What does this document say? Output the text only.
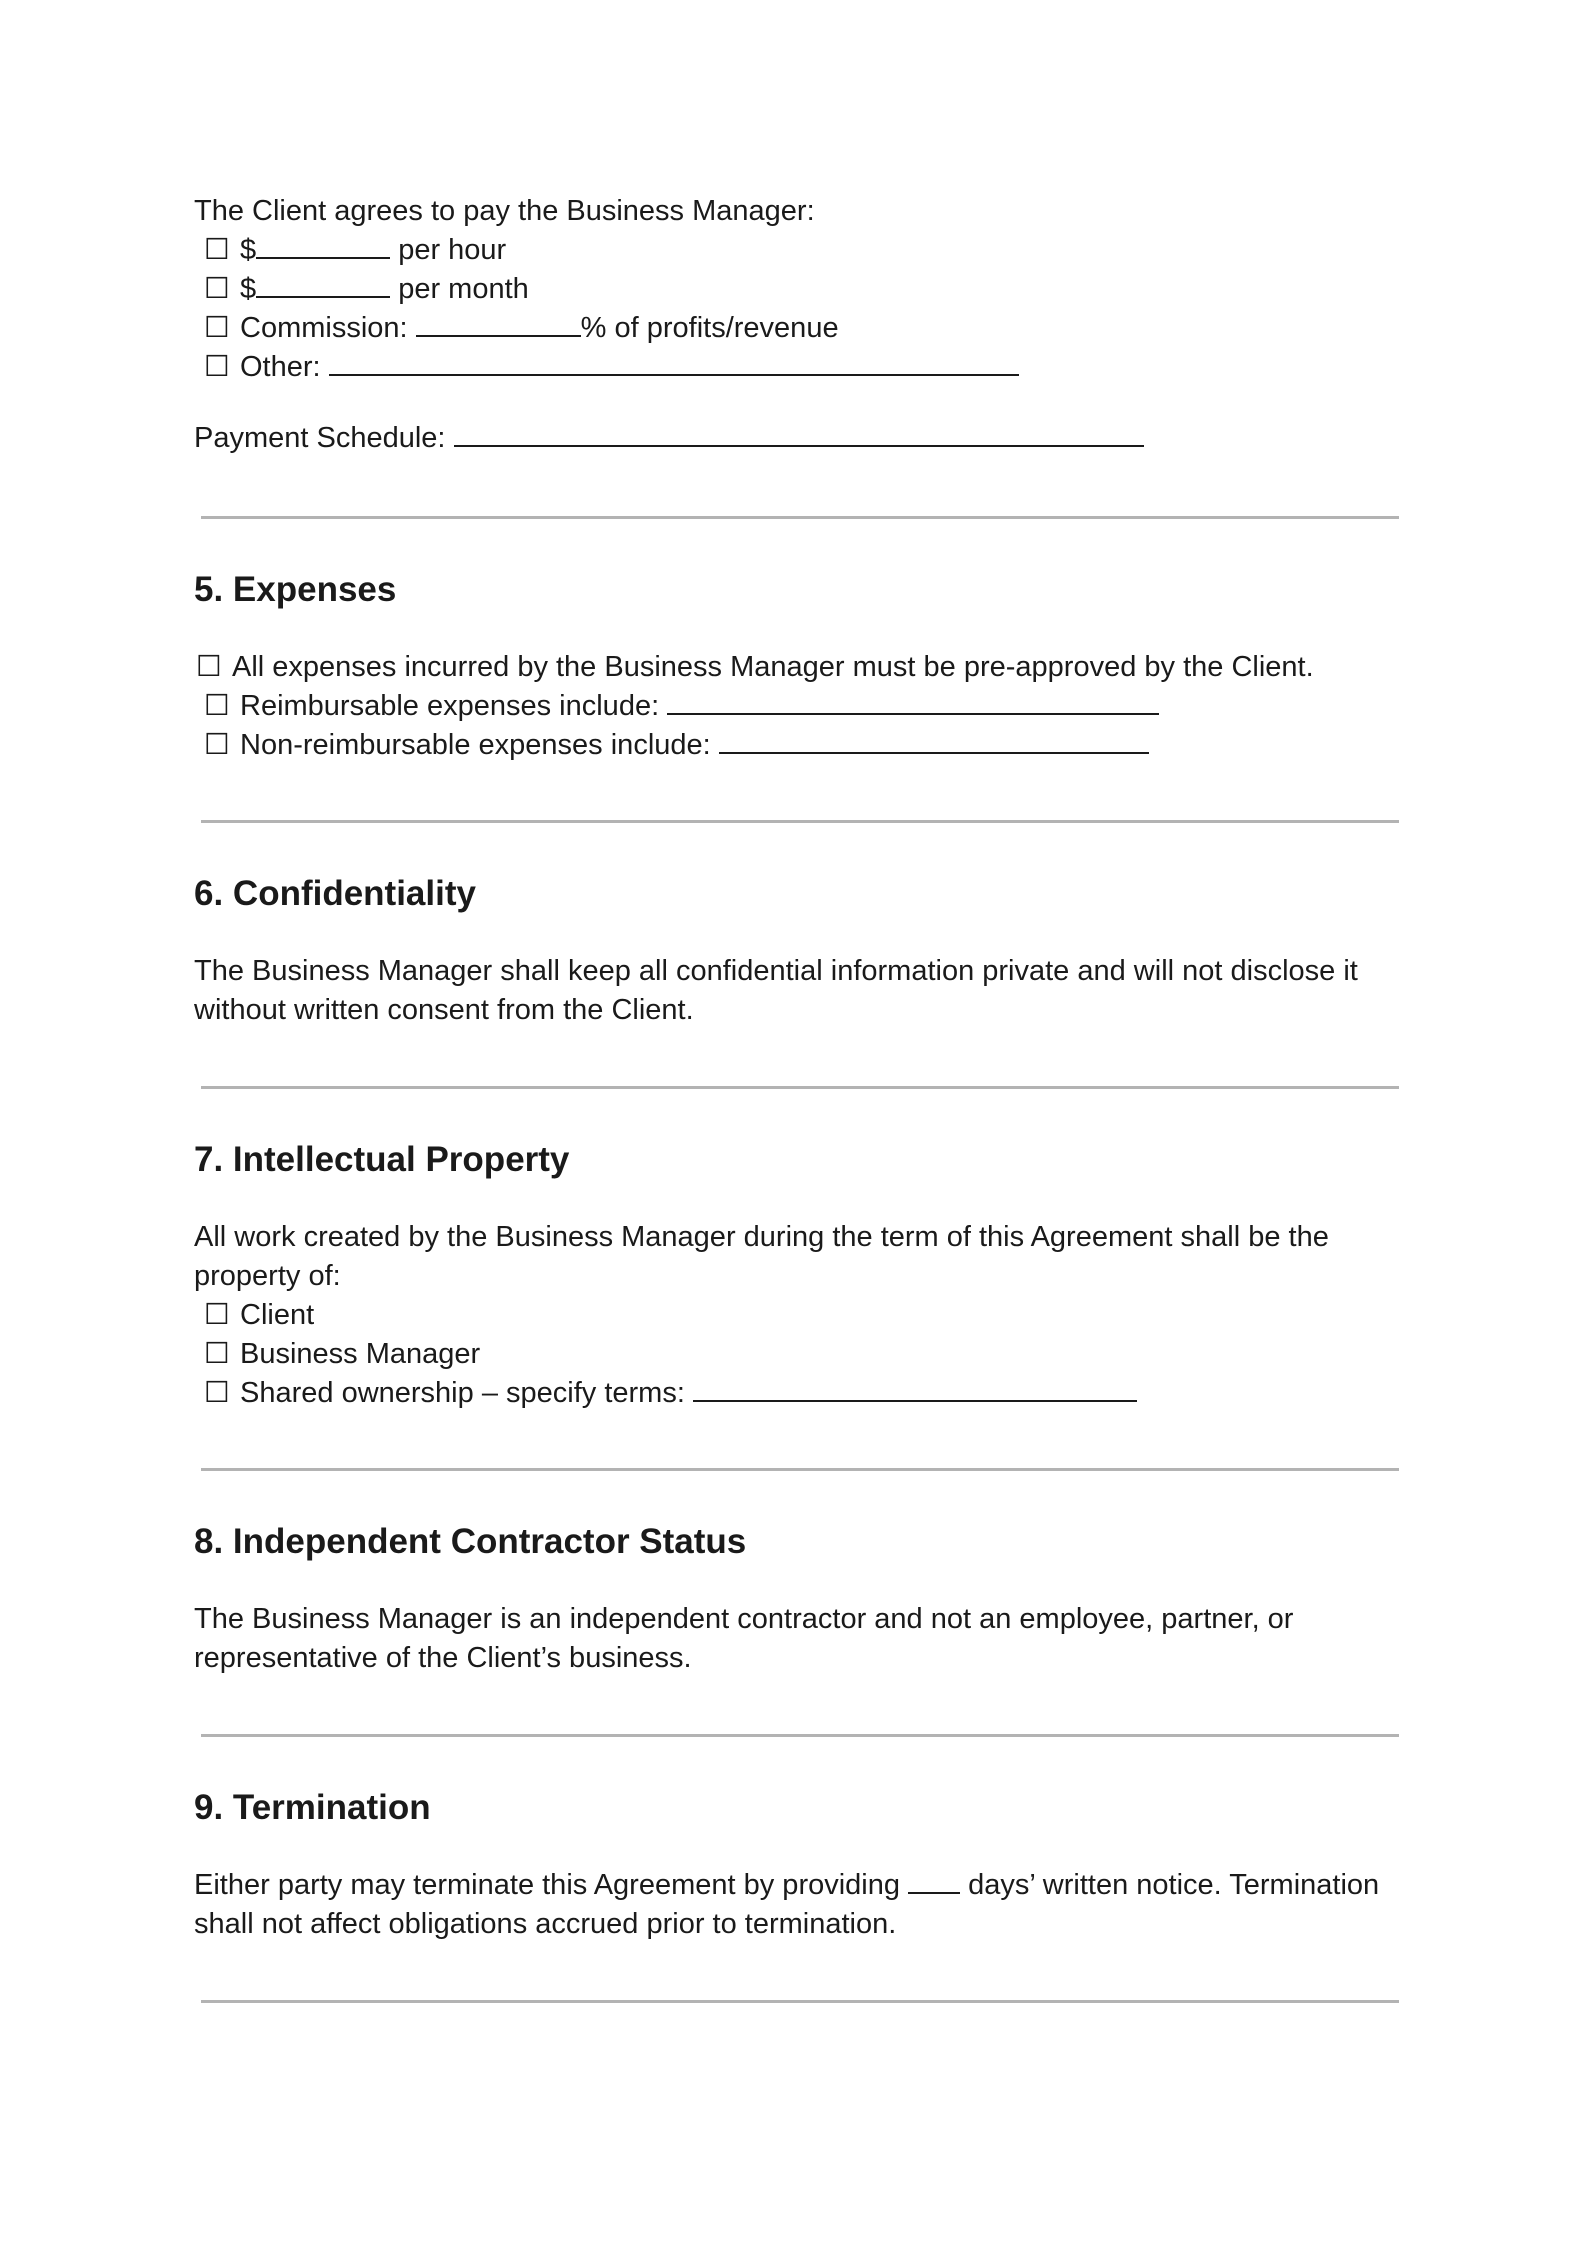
The Client agrees to pay the Business Manager:
☐ $	per hour
☐ $	per month
☐ Commission:	% of profits/revenue
☐ Other:
Payment Schedule:
5. Expenses
☐ All expenses incurred by the Business Manager must be pre-approved by the Client.
☐ Reimbursable expenses include:
☐ Non-reimbursable expenses include:
6. Confidentiality
The Business Manager shall keep all confidential information private and will not disclose it
without written consent from the Client.
7. Intellectual Property
All work created by the Business Manager during the term of this Agreement shall be the
property of:
☐ Client
☐ Business Manager
☐ Shared ownership – specify terms:
8. Independent Contractor Status
The Business Manager is an independent contractor and not an employee, partner, or
representative of the Client’s business.
9. Termination
Either party may terminate this Agreement by providing days’ written notice. Termination
shall not affect obligations accrued prior to termination.
